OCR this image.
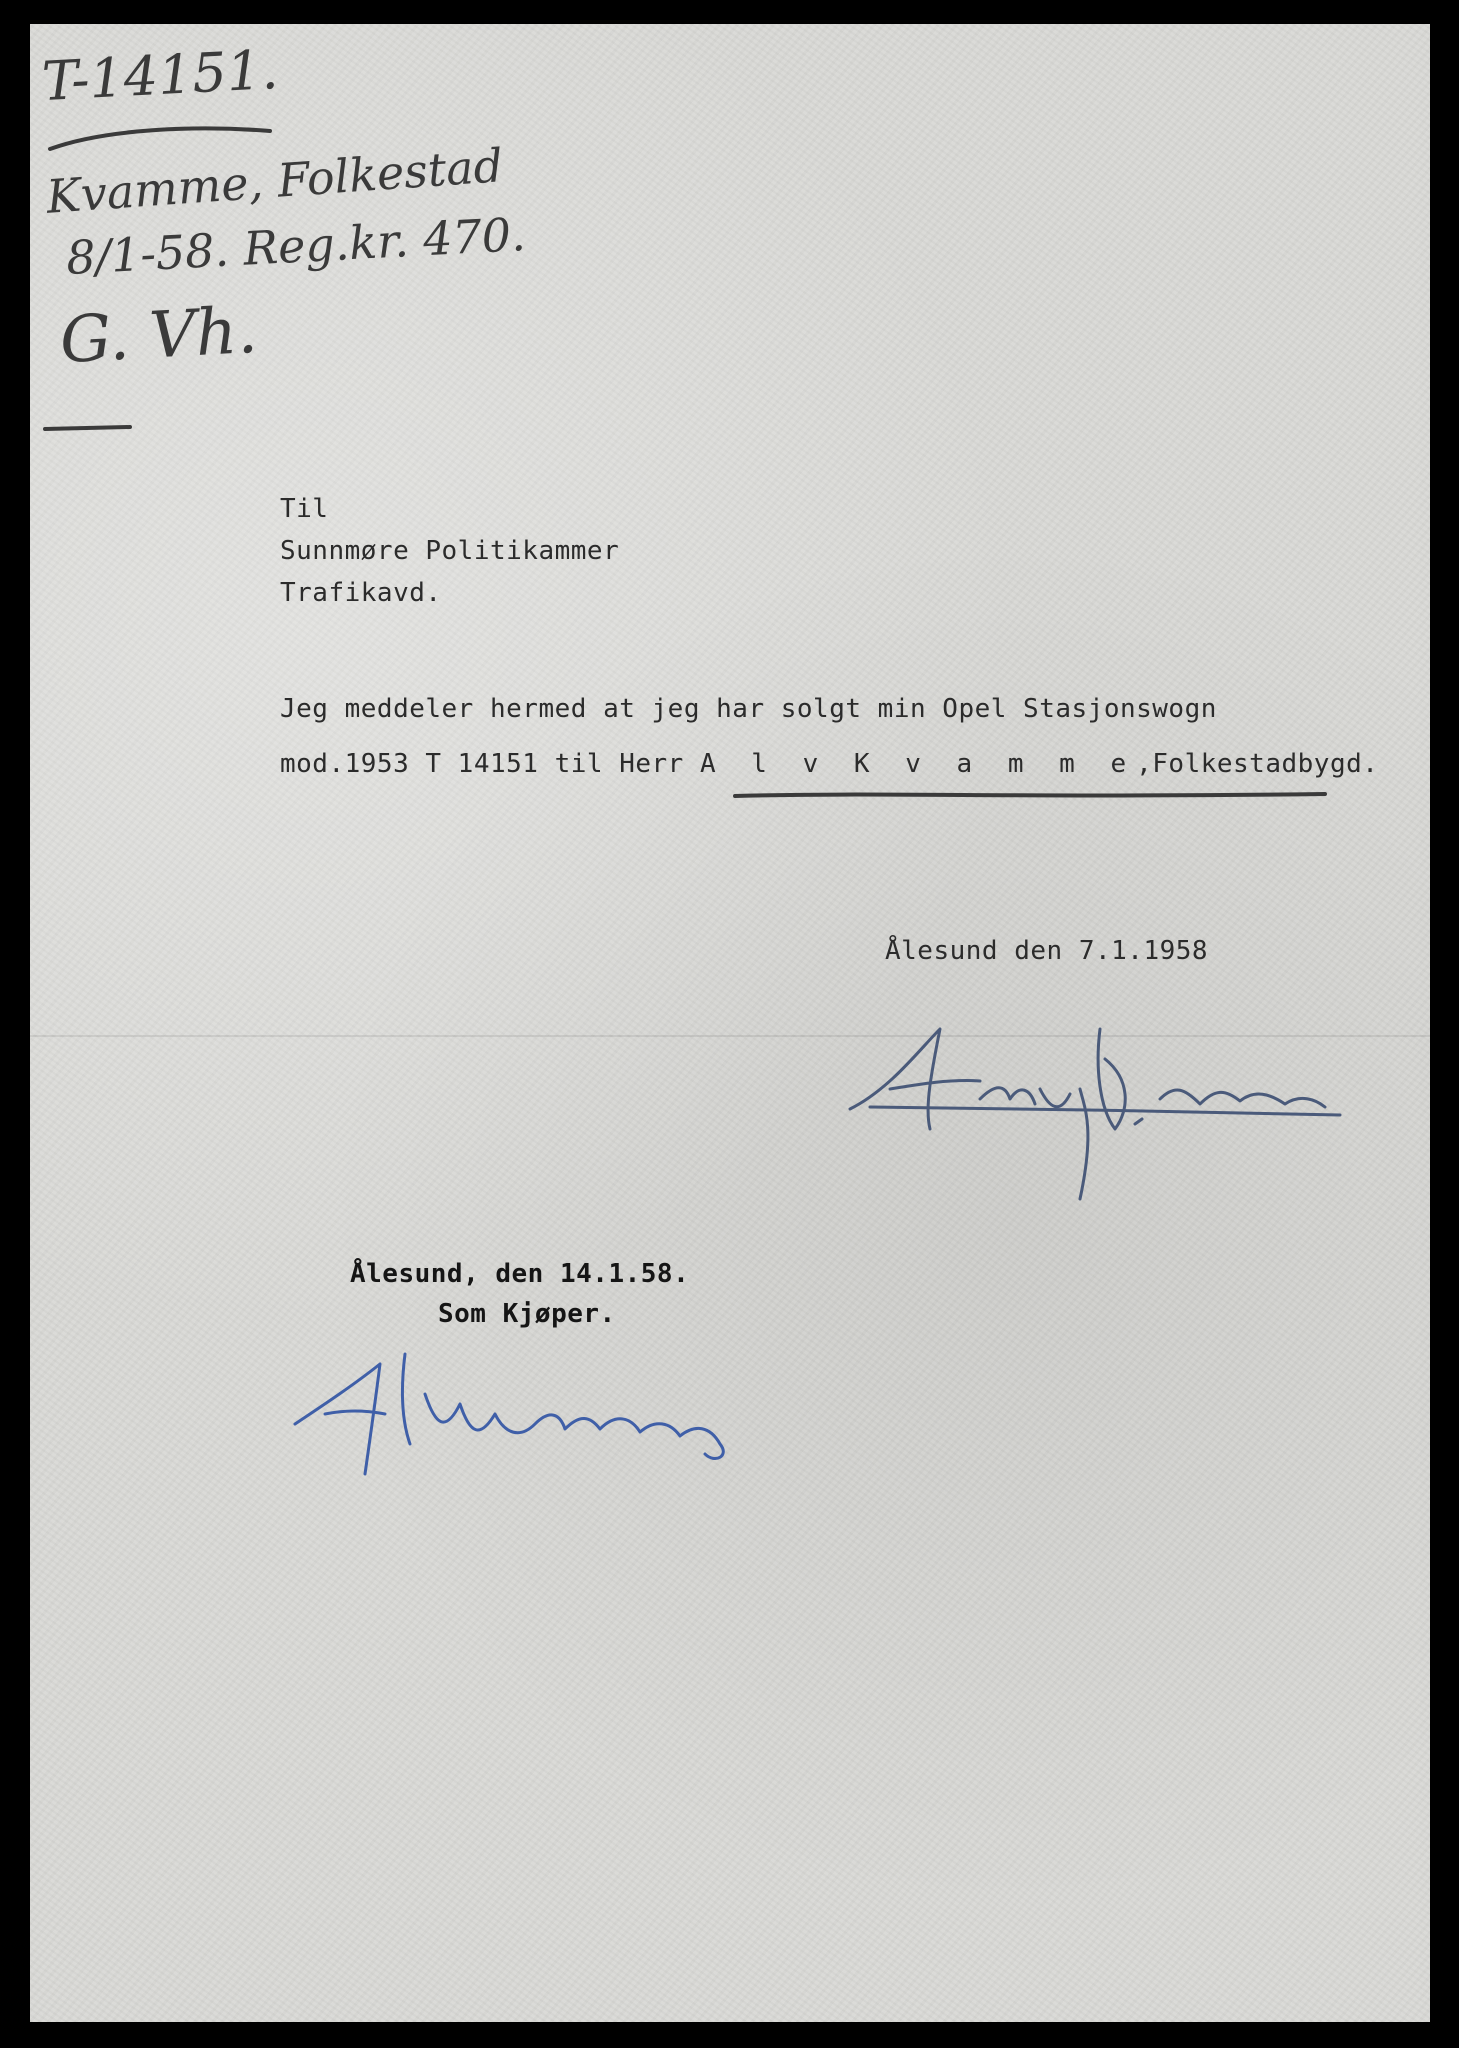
T-14151.
Kvamme, Folkestad
8/1-58. Reg.kr. 470.
G. Vh.
Til
Sunnmøre Politikammer
Trafikavd.
Jeg meddeler hermed at jeg har solgt min Opel Stasjonswogn
mod.1953 T 14151 til Herr A l v K v a m m e,Folkestadbygd.
Ålesund den 7.1.1958
Ålesund, den 14.1.58.
Som Kjøper.
